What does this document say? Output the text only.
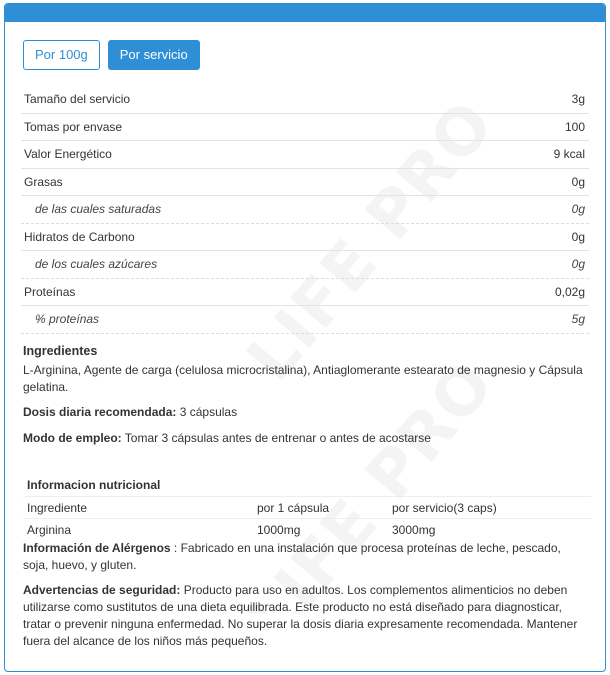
Por 100g	Por servicio
Tamaño del servicio	3g
Tomas por envase	100
Valor Energético	9 kcal
Grasas	0g
de las cuales saturadas	0g
Hidratos de Carbono	0g
de los cuales azúcares	0g
Proteínas	0,02g
% proteínas	5g
Ingredientes
L-Arginina, Agente de carga (celulosa microcristalina), Antiaglomerante estearato de magnesio y Cápsula gelatina.
Dosis diaria recomendada: 3 cápsulas
Modo de empleo: Tomar 3 cápsulas antes de entrenar o antes de acostarse
Informacion nutricional
Ingrediente	por 1 cápsula	por servicio(3 caps)
Arginina	1000mg	3000mg
Información de Alérgenos : Fabricado en una instalación que procesa proteínas de leche, pescado, soja, huevo, y gluten.
Advertencias de seguridad: Producto para uso en adultos. Los complementos alimenticios no deben utilizarse como sustitutos de una dieta equilibrada. Este producto no está diseñado para diagnosticar, tratar o prevenir ninguna enfermedad. No superar la dosis diaria expresamente recomendada. Mantener fuera del alcance de los niños más pequeños.
